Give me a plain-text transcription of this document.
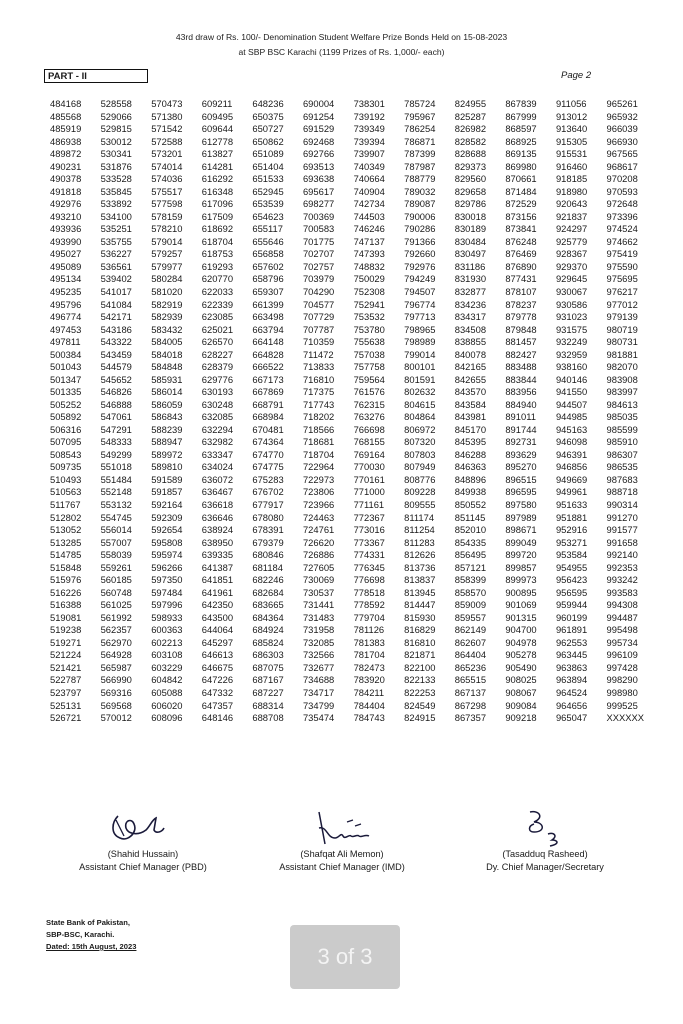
43rd draw of Rs. 100/- Denomination Student Welfare Prize Bonds Held on 15-08-2023
at SBP BSC Karachi (1199 Prizes of Rs. 1,000/- each)
PART - II	Page 2
484168	528558	570473	609211	648236	690004	738301	785724	824955	867839	911056	965261
485568	529066	571380	609495	650375	691254	739192	795967	825287	867999	913012	965932
485919	529815	571542	609644	650727	691529	739349	786254	826982	868597	913640	966039
486938	530012	572588	612778	650862	692468	739394	786871	828582	868925	915305	966930
489872	530341	573201	613827	651089	692766	739907	787399	828688	869135	915531	967565
490231	531876	574014	614281	651404	693513	740349	787987	829373	869980	916460	968617
490378	533528	574036	616292	651533	693638	740664	788779	829560	870661	918185	970208
491818	535845	575517	616348	652945	695617	740904	789032	829658	871484	918980	970593
492976	533892	577598	617096	653539	698277	742734	789087	829786	872529	920643	972648
493210	534100	578159	617509	654623	700369	744503	790006	830018	873156	921837	973396
493936	535251	578210	618692	655117	700583	746246	790286	830189	873841	924297	974524
493990	535755	579014	618704	655646	701775	747137	791366	830484	876248	925779	974662
495027	536227	579257	618753	656858	702707	747393	792660	830497	876469	928367	975419
495089	536561	579977	619293	657602	702757	748832	792976	831186	876890	929370	975590
495134	539402	580284	620770	658796	703979	750029	794249	831930	877431	929645	975695
495235	541017	581020	622033	659307	704290	752308	794507	832877	878107	930067	976217
495796	541084	582919	622339	661399	704577	752941	796774	834236	878237	930586	977012
496774	542171	582939	623085	663498	707729	753532	797713	834317	879778	931023	979139
497453	543186	583432	625021	663794	707787	753780	798965	834508	879848	931575	980719
497811	543322	584005	626570	664148	710359	755638	798989	838855	881457	932249	980731
500384	543459	584018	628227	664828	711472	757038	799014	840078	882427	932959	981881
501043	544579	584848	628379	666522	713833	757758	800101	842165	883488	938160	982070
501347	545652	585931	629776	667173	716810	759564	801591	842655	883844	940146	983908
501335	546826	586014	630193	667869	717375	761576	802632	843570	883956	941550	983997
505252	546888	586059	630248	668791	717743	762315	804615	843584	884940	944507	984613
505892	547061	586843	632085	668984	718202	763276	804864	843981	891011	944985	985035
506316	547291	588239	632294	670481	718566	766698	806972	845170	891744	945163	985599
507095	548333	588947	632982	674364	718681	768155	807320	845395	892731	946098	985910
508543	549299	589972	633347	674770	718704	769164	807803	846288	893629	946391	986307
509735	551018	589810	634024	674775	722964	770030	807949	846363	895270	946856	986535
510493	551484	591589	636072	675283	722973	770161	808776	848896	896515	949669	987683
510563	552148	591857	636467	676702	723806	771000	809228	849938	896595	949961	988718
511767	553132	592164	636618	677917	723966	771161	809555	850552	897580	951633	990314
512802	554745	592309	636646	678080	724463	772367	811174	851145	897989	951881	991270
513052	556014	592654	638924	678391	724761	773016	811254	852010	898671	952916	991577
513285	557007	595808	638950	679379	726620	773367	811283	854335	899049	953271	991658
514785	558039	595974	639335	680846	726886	774331	812626	856495	899720	953584	992140
515848	559261	596266	641387	681184	727605	776345	813736	857121	899857	954955	992353
515976	560185	597350	641851	682246	730069	776698	813837	858399	899973	956423	993242
516226	560748	597484	641961	682684	730537	778518	813945	858570	900895	956595	993583
516388	561025	597996	642350	683665	731441	778592	814447	859009	901069	959944	994308
519081	561992	598933	643500	684364	731483	779704	815930	859557	901315	960199	994487
519238	562357	600363	644064	684924	731958	781126	816829	862149	904700	961891	995498
519271	562970	602213	645297	685824	732085	781383	816810	862607	904978	962553	995734
521224	564928	603108	646613	686303	732566	781704	821871	864404	905278	963445	996109
521421	565987	603229	646675	687075	732677	782473	822100	865236	905490	963863	997428
522787	566990	604842	647226	687167	734688	783920	822133	865515	908025	963894	998290
523797	569316	605088	647332	687227	734717	784211	822253	867137	908067	964524	998980
525131	569568	606020	647357	688314	734799	784404	824549	867298	909084	964656	999525
526721	570012	608096	648146	688708	735474	784743	824915	867357	909218	965047	XXXXXX
(Shahid Hussain)
Assistant Chief Manager (PBD)
(Shafqat Ali Memon)
Assistant Chief Manager (IMD)
(Tasadduq Rasheed)
Dy. Chief Manager/Secretary
State Bank of Pakistan,
SBP-BSC, Karachi.
Dated: 15th August, 2023	3 of 3
